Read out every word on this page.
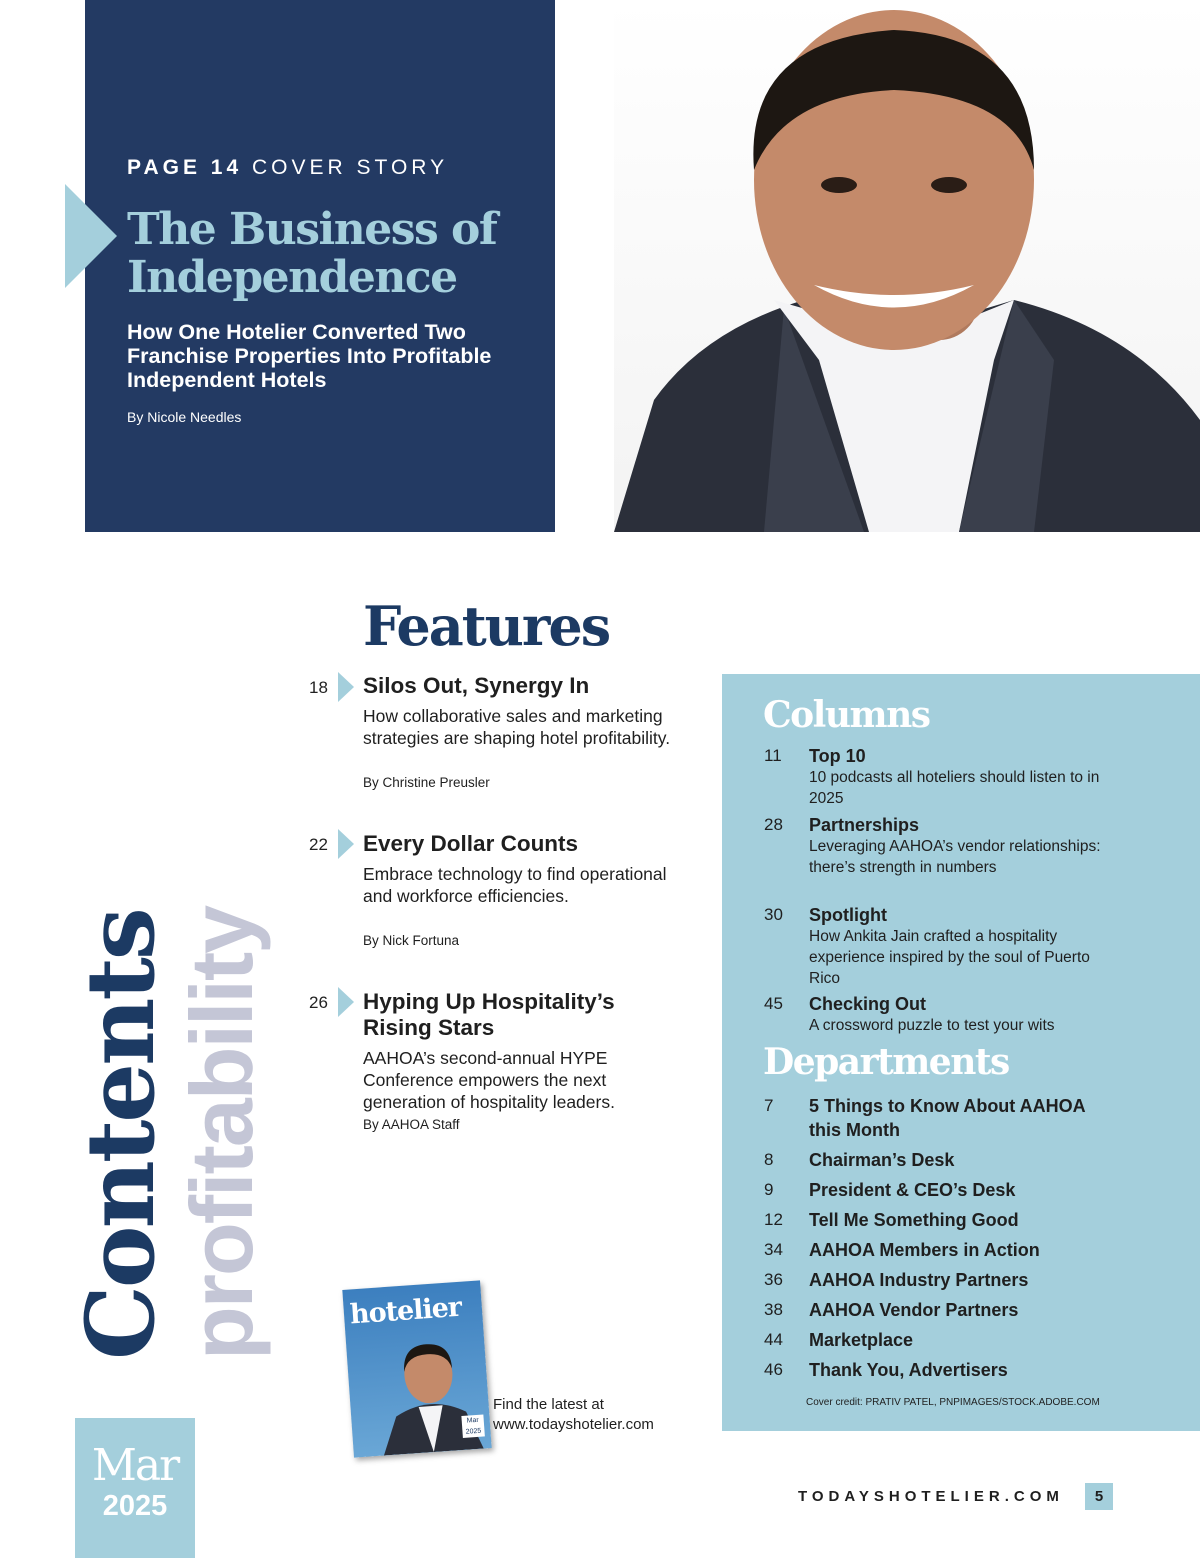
PAGE 14 COVER STORY
The Business of Independence
How One Hotelier Converted Two Franchise Properties Into Profitable Independent Hotels
By Nicole Needles
Features
18	Silos Out, Synergy In
How collaborative sales and marketing strategies are shaping hotel profitability.
By Christine Preusler
22	Every Dollar Counts
Embrace technology to find operational and workforce efficiencies.
By Nick Fortuna
26	Hyping Up Hospitality’s Rising Stars
AAHOA’s second-annual HYPE Conference empowers the next generation of hospitality leaders.
By AAHOA Staff
Contents
profitability
Mar
2025
hotelier
Mar
2025
Find the latest at
www.todayshotelier.com
Columns
11	Top 10
10 podcasts all hoteliers should listen to in 2025
28	Partnerships
Leveraging AAHOA’s vendor relationships: there’s strength in numbers
30	Spotlight
How Ankita Jain crafted a hospitality experience inspired by the soul of Puerto Rico
45	Checking Out
A crossword puzzle to test your wits
Departments
7	5 Things to Know About AAHOA this Month
8	Chairman’s Desk
9	President & CEO’s Desk
12	Tell Me Something Good
34	AAHOA Members in Action
36	AAHOA Industry Partners
38	AAHOA Vendor Partners
44	Marketplace
46	Thank You, Advertisers
Cover credit: PRATIV PATEL, PNPIMAGES/STOCK.ADOBE.COM
TODAYSHOTELIER.COM	5
